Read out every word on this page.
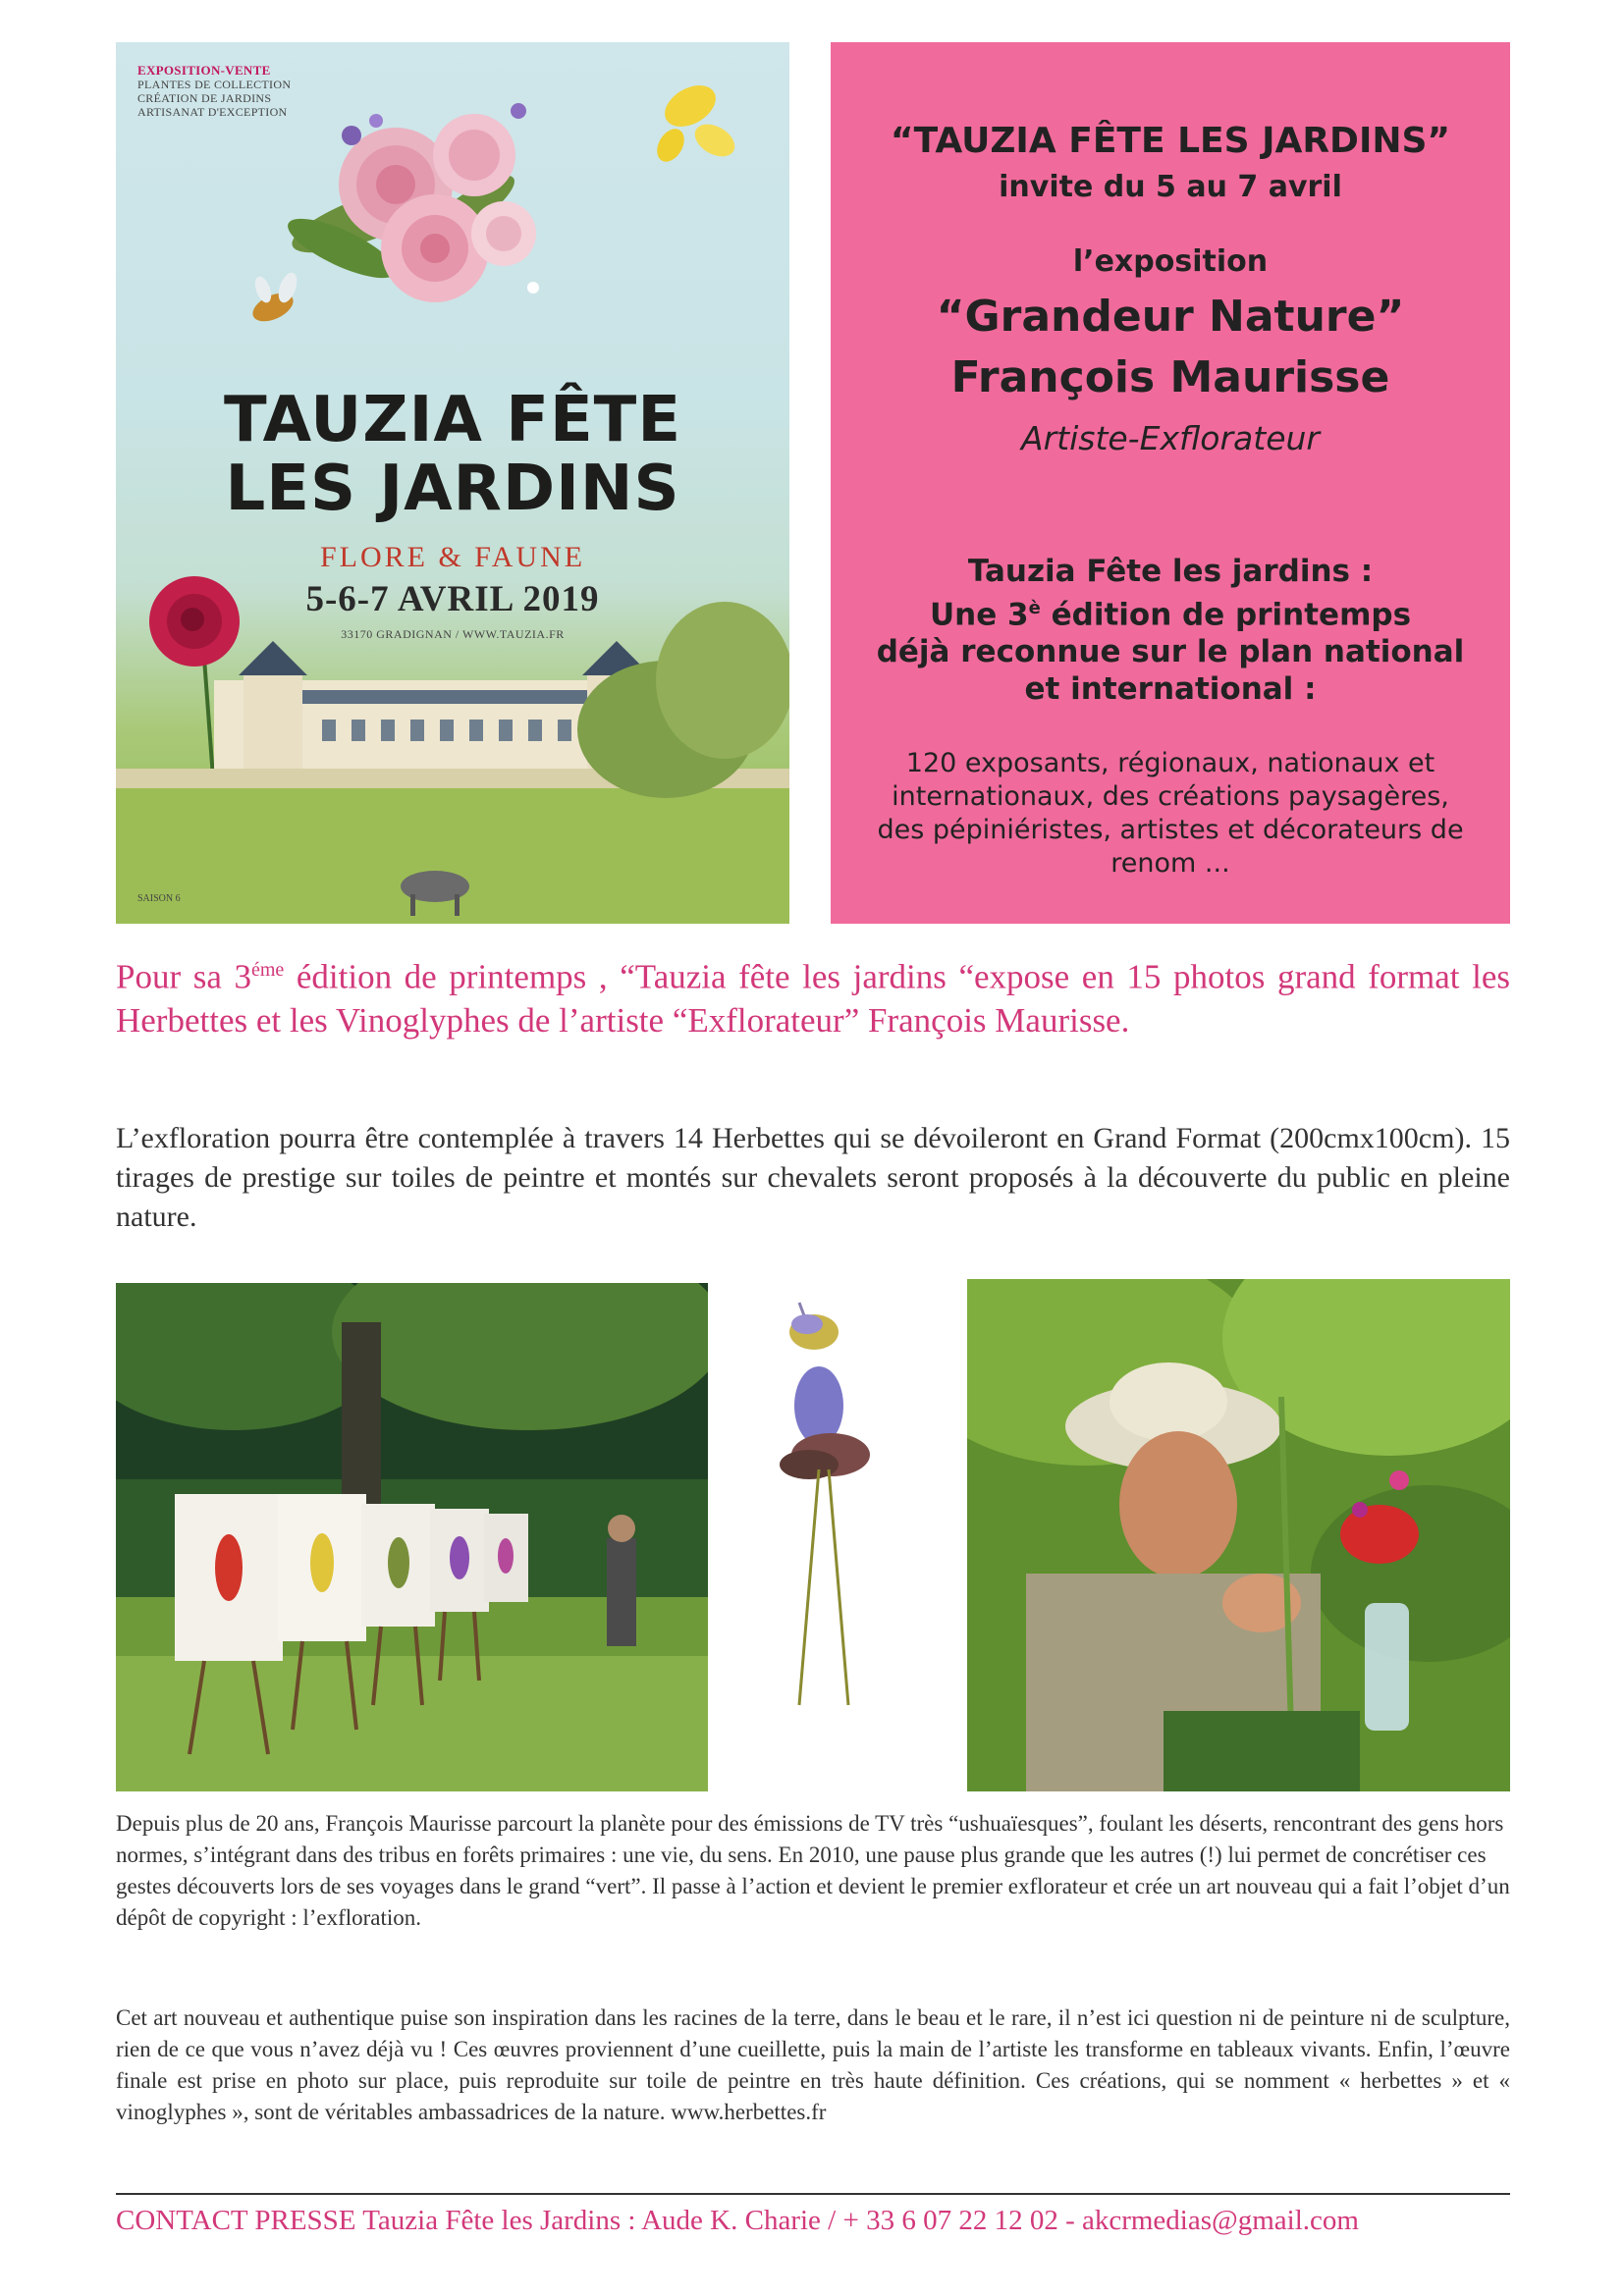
EXPOSITION-VENTE
PLANTES DE COLLECTION
CRÉATION DE JARDINS
ARTISANAT D'EXCEPTION
TAUZIA FÊTE
LES JARDINS
FLORE & FAUNE
5-6-7 AVRIL 2019
33170 GRADIGNAN / WWW.TAUZIA.FR
SAISON 6
“TAUZIA FÊTE LES JARDINS”
invite du 5 au 7 avril
l’exposition
“Grandeur Nature”
François Maurisse
Artiste-Exflorateur
Tauzia Fête les jardins :
Une $3^è$ édition de printemps
déjà reconnue sur le plan national
et international :
120 exposants, régionaux, nationaux et internationaux, des créations paysagères, des pépiniéristes, artistes et décorateurs de renom ...

Pour sa $3^{éme}$ édition de printemps , “Tauzia fête les jardins “expose en 15 photos grand format les Herbettes et les Vinoglyphes de l’artiste “Exflorateur” François Maurisse.

L’exfloration pourra être contemplée à travers 14 Herbettes qui se dévoileront en Grand Format (200cmx100cm). 15 tirages de prestige sur toiles de peintre et montés sur chevalets seront proposés à la découverte du public en pleine nature.

Depuis plus de 20 ans, François Maurisse parcourt la planète pour des émissions de TV très “ushuaïesques”, foulant les déserts, rencontrant des gens hors normes, s’intégrant dans des tribus en forêts primaires : une vie, du sens. En 2010, une pause plus grande que les autres (!) lui permet de concrétiser ces gestes découverts lors de ses voyages dans le grand “vert”. Il passe à l’action et devient le premier exflorateur et crée un art nouveau qui a fait l’objet d’un dépôt de copyright : l’exfloration.

Cet art nouveau et authentique puise son inspiration dans les racines de la terre, dans le beau et le rare, il n’est ici question ni de peinture ni de sculpture, rien de ce que vous n’avez déjà vu ! Ces œuvres proviennent d’une cueillette, puis la main de l’artiste les transforme en tableaux vivants. Enfin, l’œuvre finale est prise en photo sur place, puis reproduite sur toile de peintre en très haute définition. Ces créations, qui se nomment « herbettes » et « vinoglyphes », sont de véritables ambassadrices de la nature. www.herbettes.fr

CONTACT PRESSE Tauzia Fête les Jardins : Aude K. Charie / + 33 6 07 22 12 02 - akcrmedias@gmail.com
